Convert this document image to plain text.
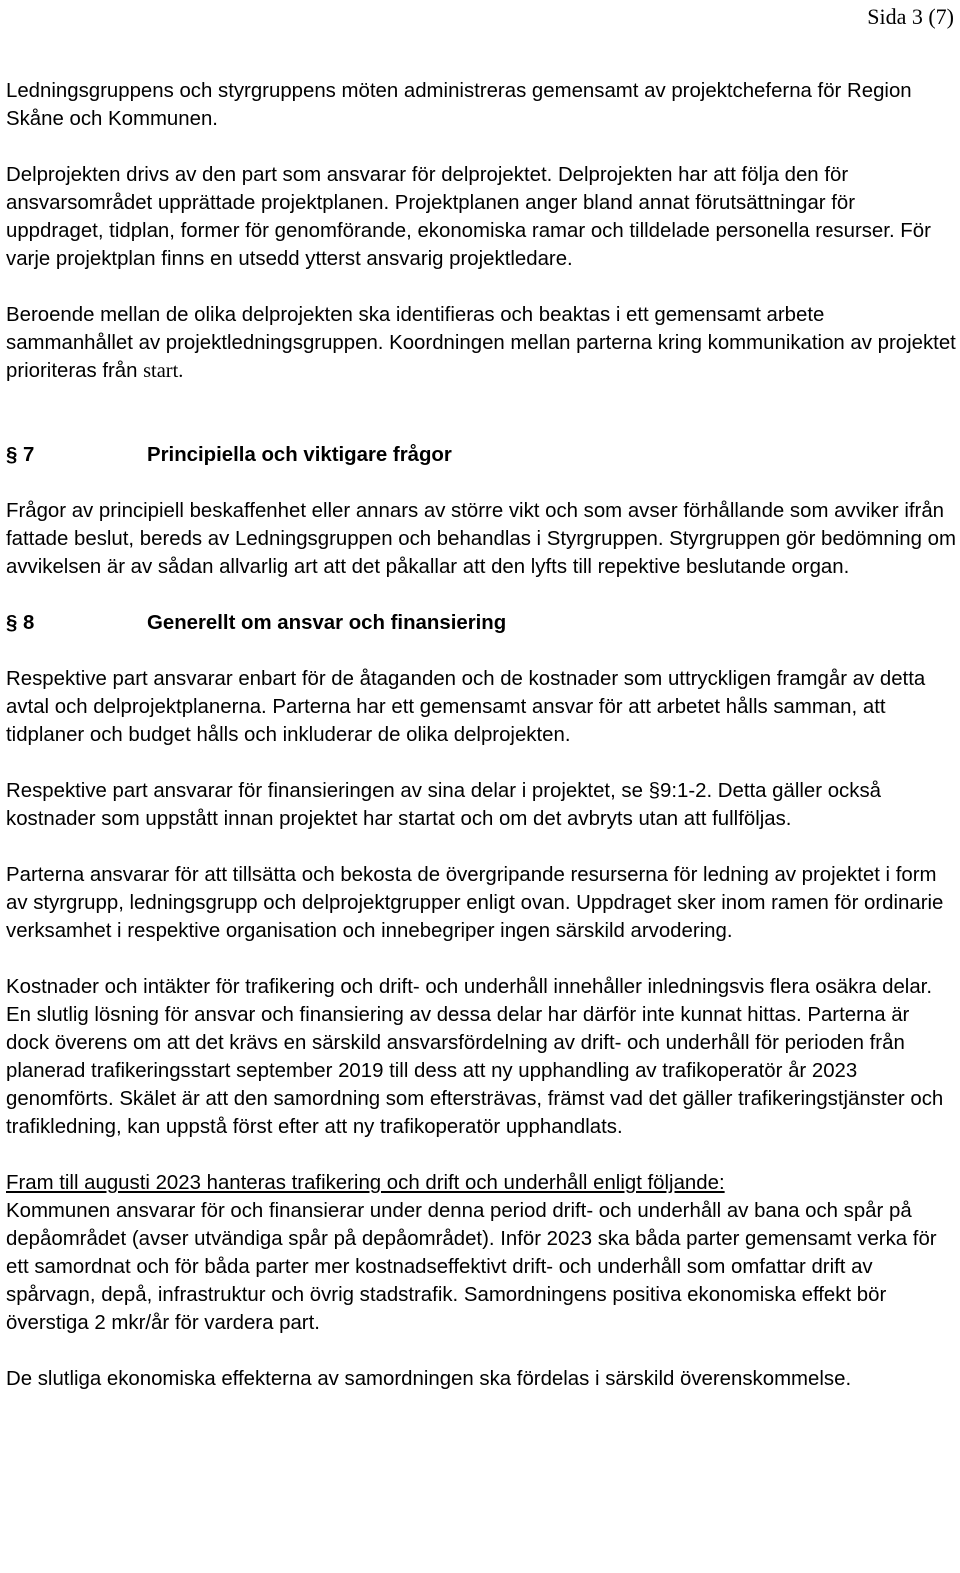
Sida 3 (7)

Ledningsgruppens och styrgruppens möten administreras gemensamt av projektcheferna för Region Skåne och Kommunen.

Delprojekten drivs av den part som ansvarar för delprojektet. Delprojekten har att följa den för ansvarsområdet upprättade projektplanen. Projektplanen anger bland annat förutsättningar för uppdraget, tidplan, former för genomförande, ekonomiska ramar och tilldelade personella resurser. För varje projektplan finns en utsedd ytterst ansvarig projektledare.

Beroende mellan de olika delprojekten ska identifieras och beaktas i ett gemensamt arbete sammanhållet av projektledningsgruppen. Koordningen mellan parterna kring kommunikation av projektet prioriteras från start.

§ 7	Principiella och viktigare frågor

Frågor av principiell beskaffenhet eller annars av större vikt och som avser förhållande som avviker ifrån fattade beslut, bereds av Ledningsgruppen och behandlas i Styrgruppen. Styrgruppen gör bedömning om avvikelsen är av sådan allvarlig art att det påkallar att den lyfts till repektive beslutande organ.

§ 8	Generellt om ansvar och finansiering

Respektive part ansvarar enbart för de åtaganden och de kostnader som uttryckligen framgår av detta avtal och delprojektplanerna. Parterna har ett gemensamt ansvar för att arbetet hålls samman, att tidplaner och budget hålls och inkluderar de olika delprojekten.

Respektive part ansvarar för finansieringen av sina delar i projektet, se §9:1-2. Detta gäller också kostnader som uppstått innan projektet har startat och om det avbryts utan att fullföljas.

Parterna ansvarar för att tillsätta och bekosta de övergripande resurserna för ledning av projektet i form av styrgrupp, ledningsgrupp och delprojektgrupper enligt ovan. Uppdraget sker inom ramen för ordinarie verksamhet i respektive organisation och innebegriper ingen särskild arvodering.

Kostnader och intäkter för trafikering och drift- och underhåll innehåller inledningsvis flera osäkra delar. En slutlig lösning för ansvar och finansiering av dessa delar har därför inte kunnat hittas. Parterna är dock överens om att det krävs en särskild ansvarsfördelning av drift- och underhåll för perioden från planerad trafikeringsstart september 2019 till dess att ny upphandling av trafikoperatör år 2023 genomförts. Skälet är att den samordning som eftersträvas, främst vad det gäller trafikeringstjänster och trafikledning, kan uppstå först efter att ny trafikoperatör upphandlats.

Fram till augusti 2023 hanteras trafikering och drift och underhåll enligt följande:
Kommunen ansvarar för och finansierar under denna period drift- och underhåll av bana och spår på depåområdet (avser utvändiga spår på depåområdet). Inför 2023 ska båda parter gemensamt verka för ett samordnat och för båda parter mer kostnadseffektivt drift- och underhåll som omfattar drift av spårvagn, depå, infrastruktur och övrig stadstrafik. Samordningens positiva ekonomiska effekt bör överstiga 2 mkr/år för vardera part.

De slutliga ekonomiska effekterna av samordningen ska fördelas i särskild överenskommelse.
